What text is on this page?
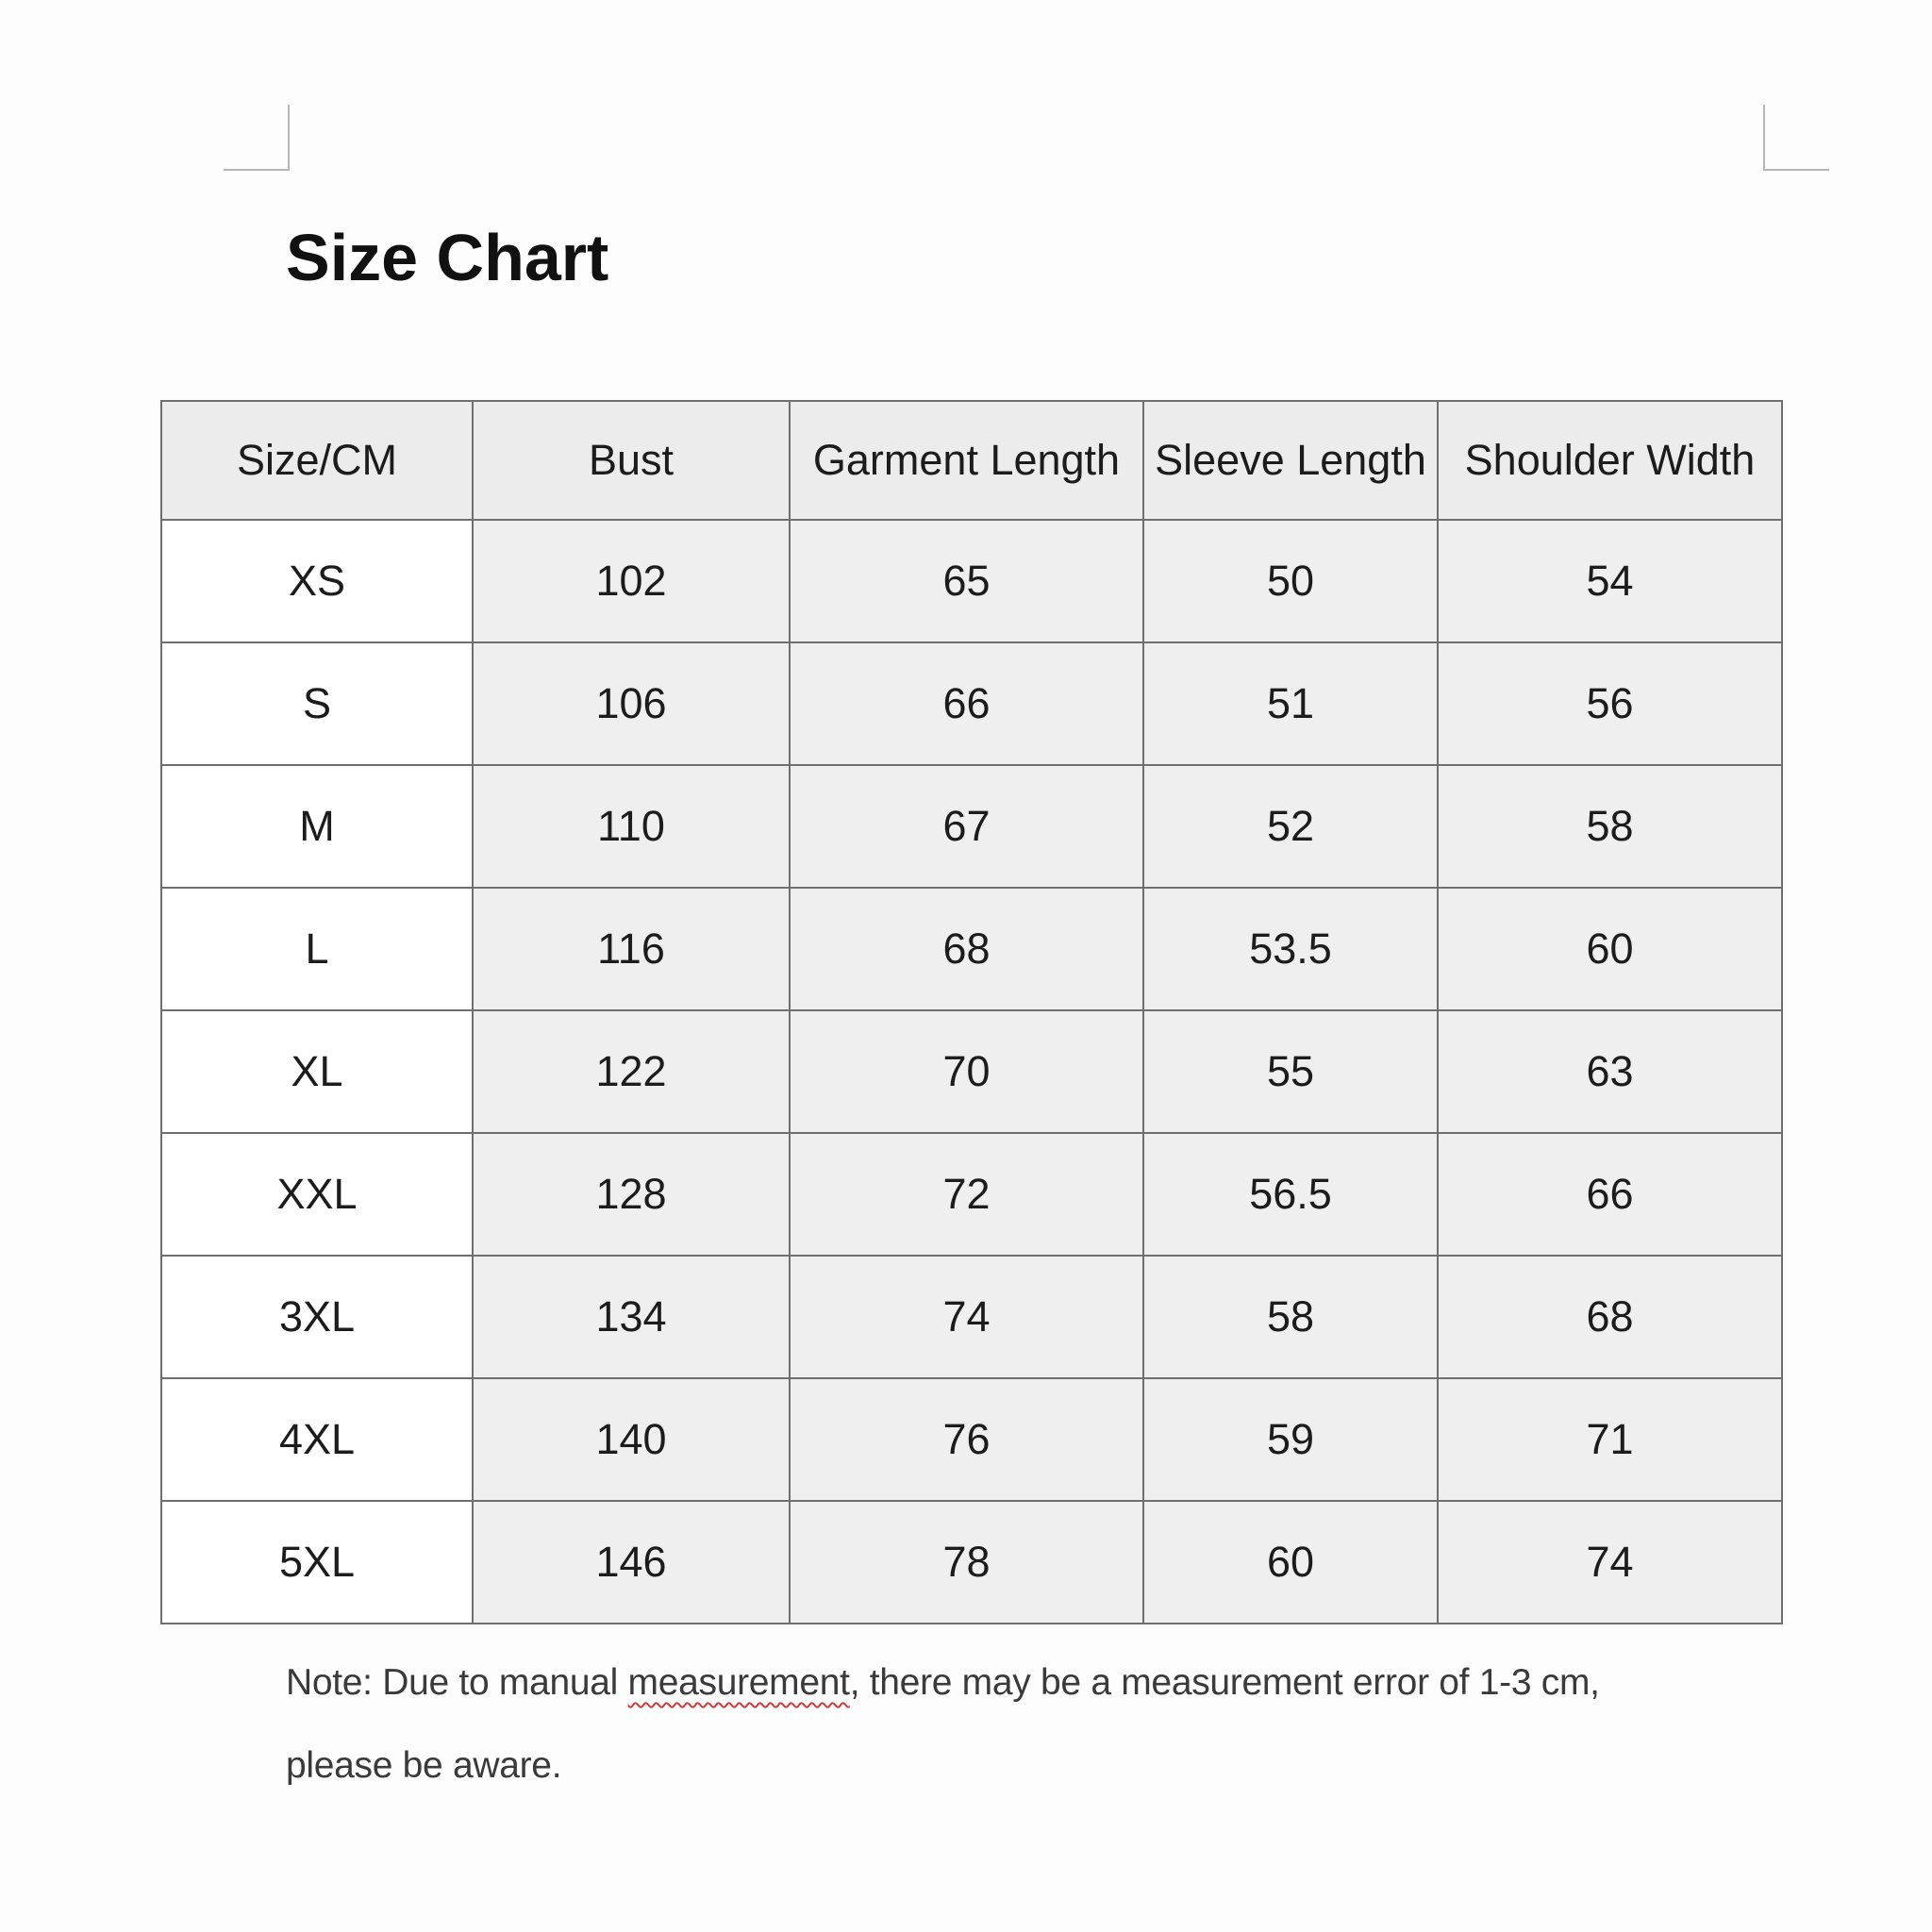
Size Chart
Size/CM	Bust	Garment Length	Sleeve Length	Shoulder Width
XS	102	65	50	54
S	106	66	51	56
M	110	67	52	58
L	116	68	53.5	60
XL	122	70	55	63
XXL	128	72	56.5	66
3XL	134	74	58	68
4XL	140	76	59	71
5XL	146	78	60	74

Note: Due to manual measurement, there may be a measurement error of 1-3 cm,
please be aware.
